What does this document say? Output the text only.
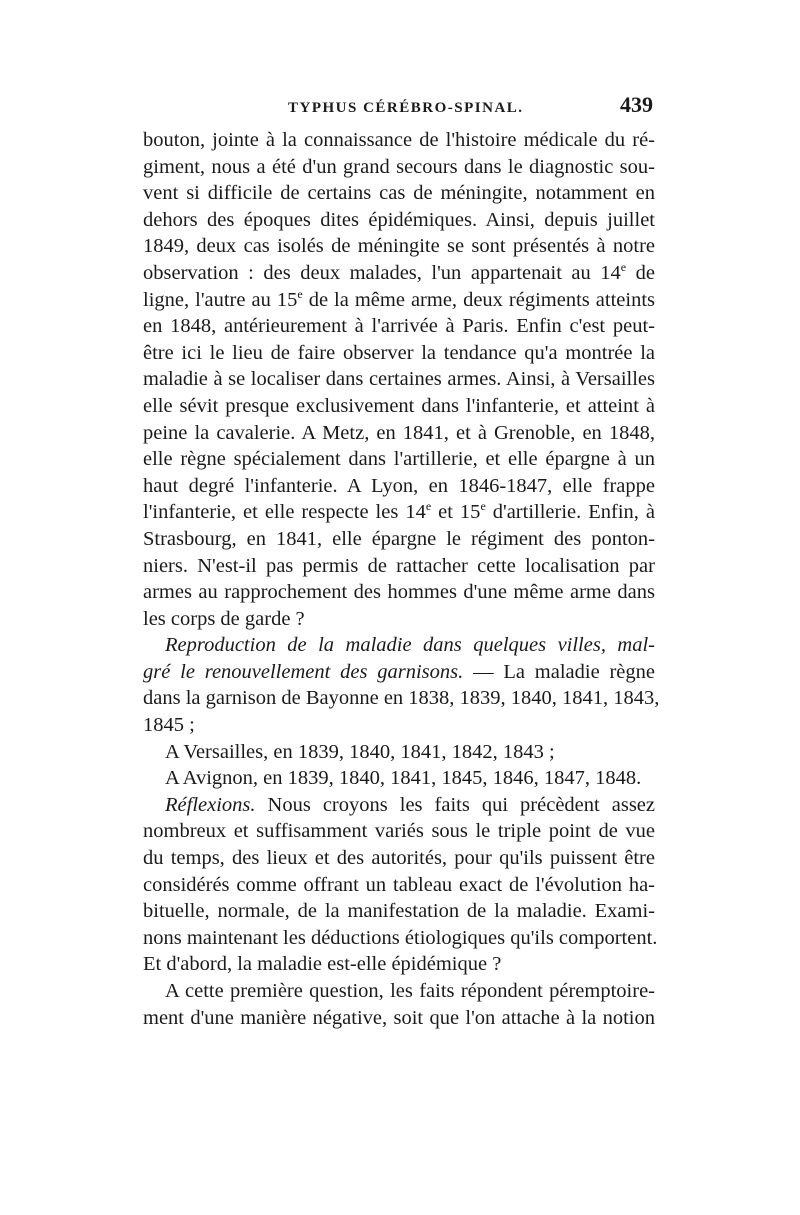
TYPHUS CÉRÉBRO-SPINAL.	439

bouton, jointe à la connaissance de l'histoire médicale du ré-
giment, nous a été d'un grand secours dans le diagnostic sou-
vent si difficile de certains cas de méningite, notamment en
dehors des époques dites épidémiques. Ainsi, depuis juillet
1849, deux cas isolés de méningite se sont présentés à notre
observation : des deux malades, l'un appartenait au 14e de
ligne, l'autre au 15e de la même arme, deux régiments atteints
en 1848, antérieurement à l'arrivée à Paris. Enfin c'est peut-
être ici le lieu de faire observer la tendance qu'a montrée la
maladie à se localiser dans certaines armes. Ainsi, à Versailles
elle sévit presque exclusivement dans l'infanterie, et atteint à
peine la cavalerie. A Metz, en 1841, et à Grenoble, en 1848,
elle règne spécialement dans l'artillerie, et elle épargne à un
haut degré l'infanterie. A Lyon, en 1846-1847, elle frappe
l'infanterie, et elle respecte les 14e et 15e d'artillerie. Enfin, à
Strasbourg, en 1841, elle épargne le régiment des ponton-
niers. N'est-il pas permis de rattacher cette localisation par
armes au rapprochement des hommes d'une même arme dans
les corps de garde ?

Reproduction de la maladie dans quelques villes, mal-
gré le renouvellement des garnisons. — La maladie règne
dans la garnison de Bayonne en 1838, 1839, 1840, 1841, 1843,
1845 ;

A Versailles, en 1839, 1840, 1841, 1842, 1843 ;

A Avignon, en 1839, 1840, 1841, 1845, 1846, 1847, 1848.

Réflexions. Nous croyons les faits qui précèdent assez
nombreux et suffisamment variés sous le triple point de vue
du temps, des lieux et des autorités, pour qu'ils puissent être
considérés comme offrant un tableau exact de l'évolution ha-
bituelle, normale, de la manifestation de la maladie. Exami-
nons maintenant les déductions étiologiques qu'ils comportent.
Et d'abord, la maladie est-elle épidémique ?

A cette première question, les faits répondent péremptoire-
ment d'une manière négative, soit que l'on attache à la notion
